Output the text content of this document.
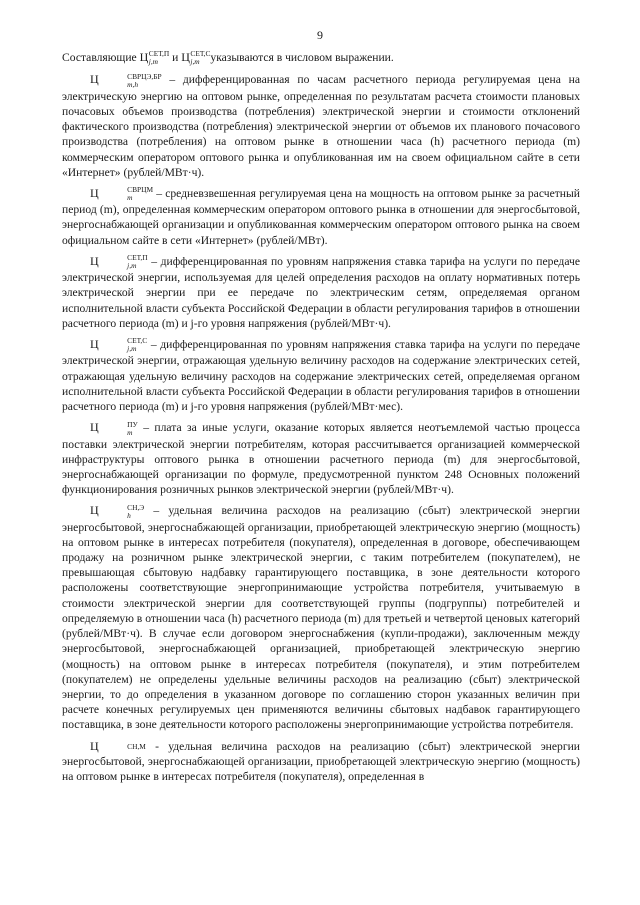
9

Составляющие Ц СЕТ,П
j,m	и Ц СЕТ,С
j,m указываются в числовом выражении.

Ц	СВРЦЭ,БР
m,h	– дифференцированная по часам расчетного периода регулируемая цена на электрическую энергию на оптовом рынке, определенная по результатам расчета стоимости плановых почасовых объемов производства (потребления) электрической энергии и стоимости отклонений фактического производства (потребления) электрической энергии от объемов их планового почасового производства (потребления) на оптовом рынке в отношении часа (h) расчетного периода (m) коммерческим оператором оптового рынка и опубликованная им на своем официальном сайте в сети «Интернет» (рублей/МВт·ч).

Ц	СВРЦМ
m	– средневзвешенная регулируемая цена на мощность на оптовом рынке за расчетный период (m), определенная коммерческим оператором оптового рынка в отношении для энергосбытовой, энергоснабжающей организации и опубликованная коммерческим оператором оптового рынка на своем официальном сайте в сети «Интернет» (рублей/МВт).

Ц	СЕТ,П
j,m	– дифференцированная по уровням напряжения ставка тарифа на услуги по передаче электрической энергии, используемая для целей определения расходов на оплату нормативных потерь электрической энергии при ее передаче по электрическим сетям, определяемая органом исполнительной власти субъекта Российской Федерации в области регулирования тарифов в отношении расчетного периода (m) и j-го уровня напряжения (рублей/МВт·ч).

Ц	СЕТ,С
j,m	– дифференцированная по уровням напряжения ставка тарифа на услуги по передаче электрической энергии, отражающая удельную величину расходов на содержание электрических сетей, отражающая удельную величину расходов на содержание электрических сетей, определяемая органом исполнительной власти субъекта Российской Федерации в области регулирования тарифов в отношении расчетного периода (m) и j-го уровня напряжения (рублей/МВт·мес).

Ц	ПУ
m – плата за иные услуги, оказание которых является неотъемлемой частью процесса поставки электрической энергии потребителям, которая рассчитывается организацией коммерческой инфраструктуры оптового рынка в отношении расчетного периода (m) для энергосбытовой, энергоснабжающей организации по формуле, предусмотренной пунктом 248 Основных положений функционирования розничных рынков электрической энергии (рублей/МВт·ч).

Ц	СН,Э
h	– удельная величина расходов на реализацию (сбыт) электрической энергии энергосбытовой, энергоснабжающей организации, приобретающей электрическую энергию (мощность) на оптовом рынке в интересах потребителя (покупателя), определенная в договоре, обеспечивающем продажу на розничном рынке электрической энергии, с таким потребителем (покупателем), не превышающая сбытовую надбавку гарантирующего поставщика, в зоне деятельности которого расположены соответствующие энергопринимающие устройства потребителя, учитываемую в стоимости электрической энергии для соответствующей группы (подгруппы) потребителей и определяемую в отношении часа (h) расчетного периода (m) для третьей и четвертой ценовых категорий (рублей/МВт·ч). В случае если договором энергоснабжения (купли-продажи), заключенным между энергосбытовой, энергоснабжающей организацией, приобретающей электрическую энергию (мощность) на оптовом рынке в интересах потребителя (покупателя), и этим потребителем (покупателем) не определены удельные величины расходов на реализацию (сбыт) электрической энергии, то до определения в указанном договоре по соглашению сторон указанных величин при расчете конечных регулируемых цен применяются величины сбытовых надбавок гарантирующего поставщика, в зоне деятельности которого расположены энергопринимающие устройства потребителя.

Ц	СН,М - удельная величина расходов на реализацию (сбыт) электрической энергии энергосбытовой, энергоснабжающей организации, приобретающей электрическую энергию (мощность) на оптовом рынке в интересах потребителя (покупателя), определенная в
